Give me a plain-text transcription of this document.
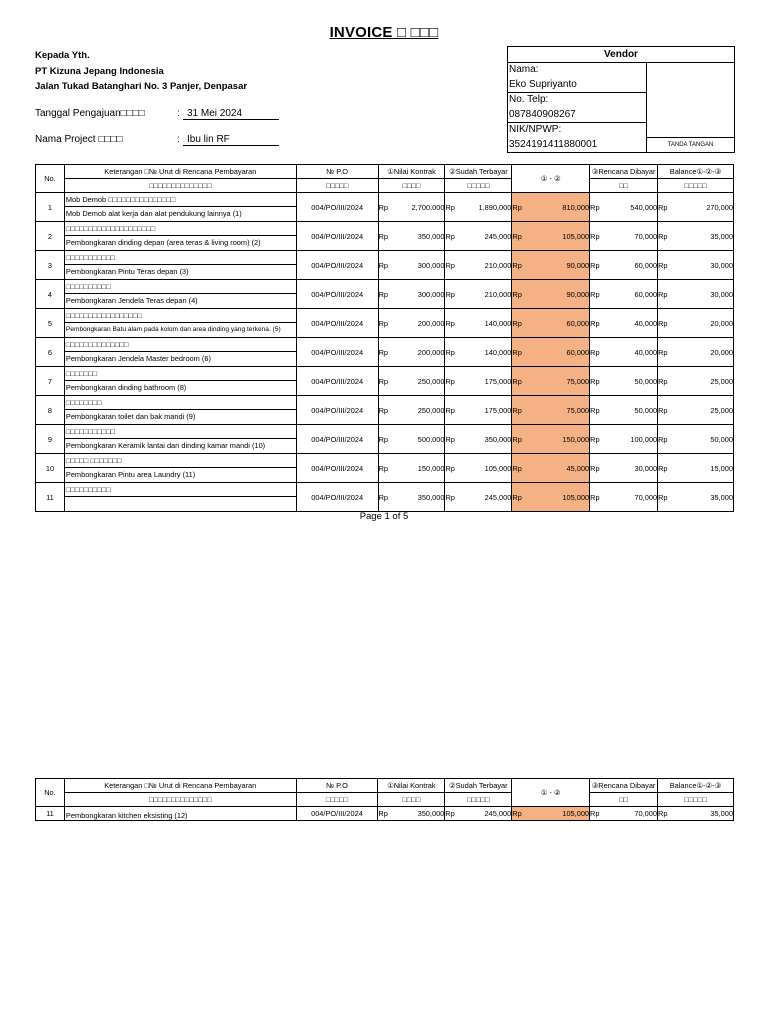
INVOICE □ □□□
Kepada Yth.
PT Kizuna Jepang Indonesia
Jalan Tukad Batanghari No. 3 Panjer, Denpasar
Tanggal Pengajuan□□□□	: 31 Mei 2024
Nama Project □□□□	: Ibu lin RF
Vendor
Nama:
Eko Supriyanto
No. Telp:
087840908267
NIK/NPWP:
3524191411880001	TANDA TANGAN
No.	Keterangan □№ Urut di Rencana Pembayaran	№ P.O	①Nilai Kontrak		②Sudah Terbayar		① - ②		③Rencana Dibayar		Balance①-②-③	
	□□□□□□□□□□□□□□	□□□□□	□□□□		□□□□□				□□		□□□□□	
1	Mob Demob □□□□□□□□□□□□□□□
Mob Demob alat kerja dan alat pendukung lainnya (1)	004/PO/III/2024	Rp	2,700,000	Rp	1,890,000	Rp	810,000	Rp	540,000	Rp	270,000
2	□□□□□□□□□□□□□□□□□□□□
Pembongkaran dinding depan (area teras & living room) (2)	004/PO/III/2024	Rp	350,000	Rp	245,000	Rp	105,000	Rp	70,000	Rp	35,000
3	□□□□□□□□□□□
Pembongkaran Pintu Teras depan (3)	004/PO/III/2024	Rp	300,000	Rp	210,000	Rp	90,000	Rp	60,000	Rp	30,000
4	□□□□□□□□□□
Pembongkaran Jendela Teras depan (4)	004/PO/III/2024	Rp	300,000	Rp	210,000	Rp	90,000	Rp	60,000	Rp	30,000
5	□□□□□□□□□□□□□□□□□
Pembongkaran Batu alam pada kolom dan area dinding yang terkena. (5)	004/PO/III/2024	Rp	200,000	Rp	140,000	Rp	60,000	Rp	40,000	Rp	20,000
6	□□□□□□□□□□□□□□
Pembongkaran Jendela Master bedroom (6)	004/PO/III/2024	Rp	200,000	Rp	140,000	Rp	60,000	Rp	40,000	Rp	20,000
7	□□□□□□□
Pembongkaran dinding bathroom (8)	004/PO/III/2024	Rp	250,000	Rp	175,000	Rp	75,000	Rp	50,000	Rp	25,000
8	□□□□□□□□
Pembongkaran toilet dan bak mandi (9)	004/PO/III/2024	Rp	250,000	Rp	175,000	Rp	75,000	Rp	50,000	Rp	25,000
9	□□□□□□□□□□□
Pembongkaran Keramik lantai dan dinding kamar mandi (10)	004/PO/III/2024	Rp	500,000	Rp	350,000	Rp	150,000	Rp	100,000	Rp	50,000
10	□□□□□ □□□□□□□
Pembongkaran Pintu area Laundry (11)	004/PO/III/2024	Rp	150,000	Rp	105,000	Rp	45,000	Rp	30,000	Rp	15,000
11	□□□□□□□□□□	004/PO/III/2024	Rp	350,000	Rp	245,000	Rp	105,000	Rp	70,000	Rp	35,000
Page 1 of 5
No.	Keterangan □№ Urut di Rencana Pembayaran	№ P.O	①Nilai Kontrak		②Sudah Terbayar		① - ②		③Rencana Dibayar		Balance①-②-③	
	□□□□□□□□□□□□□□	□□□□□	□□□□		□□□□□				□□		□□□□□	
11	Pembongkaran kitchen eksisting (12)	004/PO/III/2024	Rp	350,000	Rp	245,000	Rp	105,000	Rp	70,000	Rp	35,000
